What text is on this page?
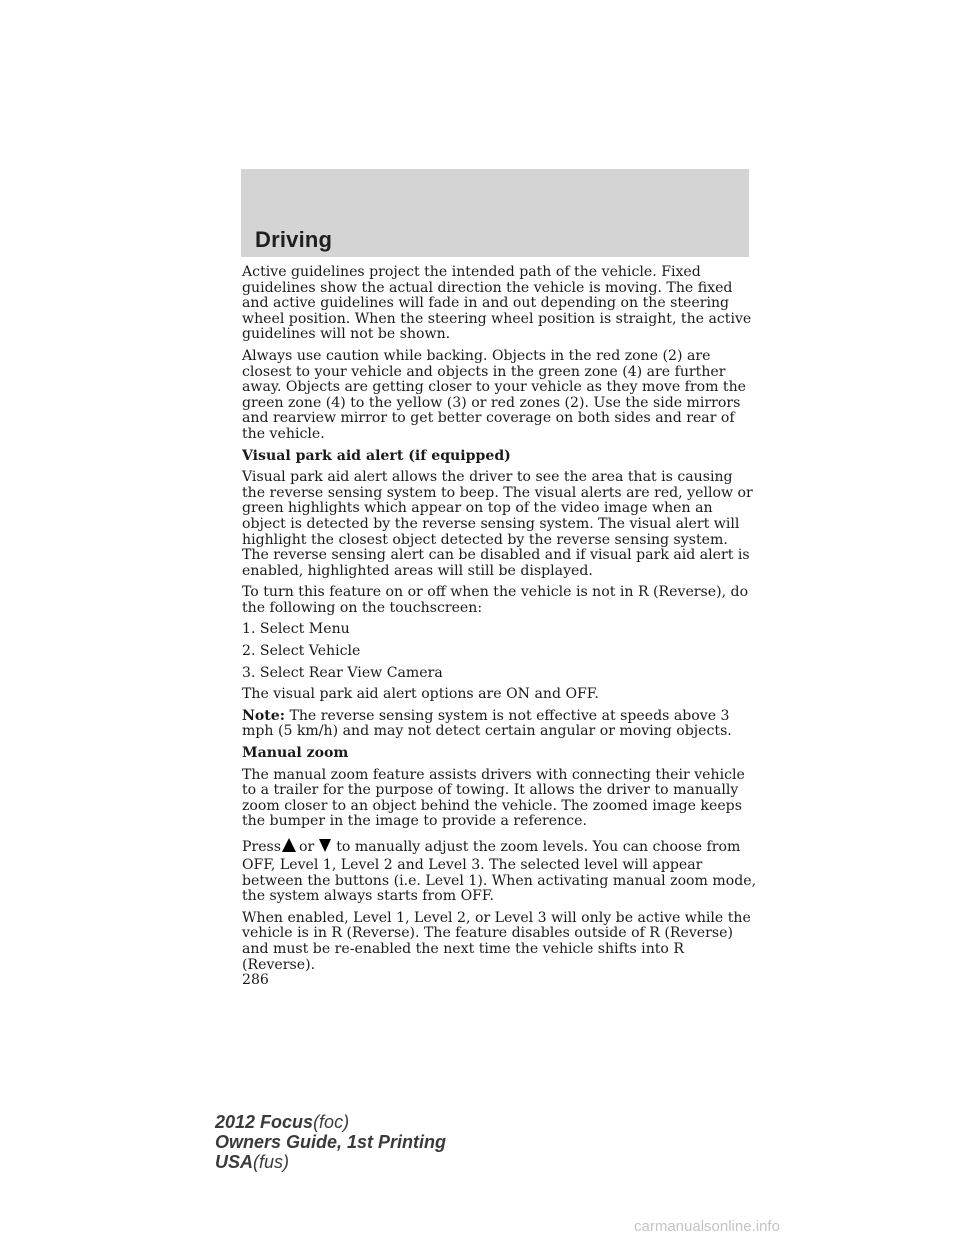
Driving

Active guidelines project the intended path of the vehicle. Fixed guidelines show the actual direction the vehicle is moving. The fixed and active guidelines will fade in and out depending on the steering wheel position. When the steering wheel position is straight, the active guidelines will not be shown.

Always use caution while backing. Objects in the red zone (2) are closest to your vehicle and objects in the green zone (4) are further away. Objects are getting closer to your vehicle as they move from the green zone (4) to the yellow (3) or red zones (2). Use the side mirrors and rearview mirror to get better coverage on both sides and rear of the vehicle.

Visual park aid alert (if equipped)

Visual park aid alert allows the driver to see the area that is causing the reverse sensing system to beep. The visual alerts are red, yellow or green highlights which appear on top of the video image when an object is detected by the reverse sensing system. The visual alert will highlight the closest object detected by the reverse sensing system. The reverse sensing alert can be disabled and if visual park aid alert is enabled, highlighted areas will still be displayed.

To turn this feature on or off when the vehicle is not in R (Reverse), do the following on the touchscreen:

1. Select Menu

2. Select Vehicle

3. Select Rear View Camera

The visual park aid alert options are ON and OFF.

Note: The reverse sensing system is not effective at speeds above 3 mph (5 km/h) and may not detect certain angular or moving objects.

Manual zoom

The manual zoom feature assists drivers with connecting their vehicle to a trailer for the purpose of towing. It allows the driver to manually zoom closer to an object behind the vehicle. The zoomed image keeps the bumper in the image to provide a reference.

Press or to manually adjust the zoom levels. You can choose from

OFF, Level 1, Level 2 and Level 3. The selected level will appear between the buttons (i.e. Level 1). When activating manual zoom mode, the system always starts from OFF.

When enabled, Level 1, Level 2, or Level 3 will only be active while the vehicle is in R (Reverse). The feature disables outside of R (Reverse) and must be re-enabled the next time the vehicle shifts into R (Reverse).

286
2012 Focus(foc)
Owners Guide, 1st Printing
USA(fus)
carmanualsonline.info
